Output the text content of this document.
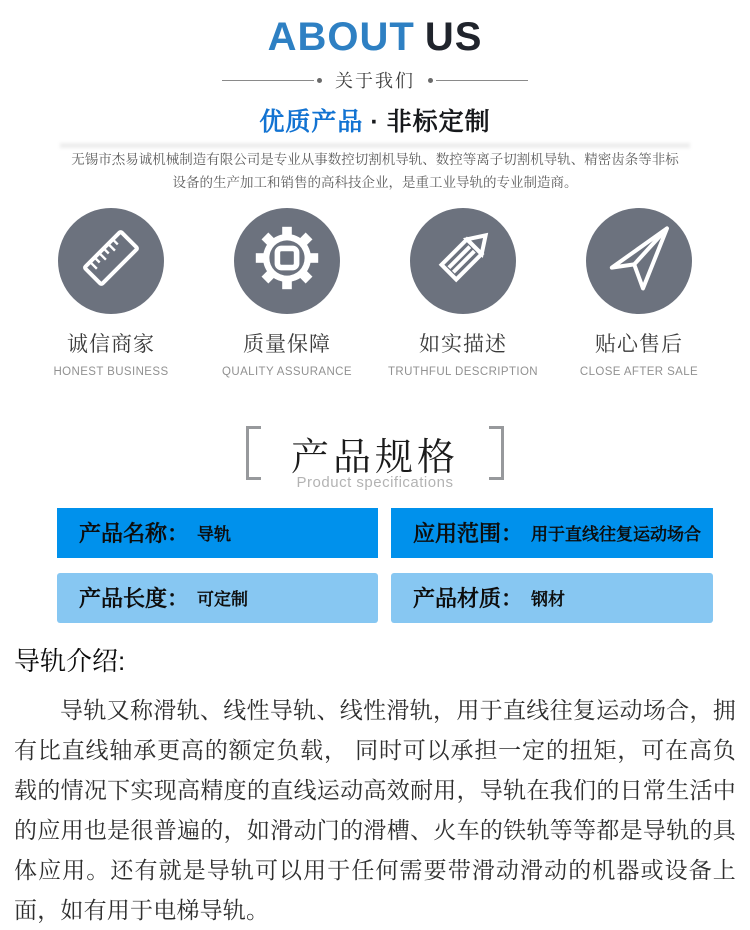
ABOUT US
关于我们
优质产品 · 非标定制
无锡市杰易诚机械制造有限公司是专业从事数控切割机导轨、数控等离子切割机导轨、精密齿条等非标
设备的生产加工和销售的高科技企业，是重工业导轨的专业制造商。
诚信商家
HONEST BUSINESS
质量保障
QUALITY ASSURANCE
如实描述
TRUTHFUL DESCRIPTION
贴心售后
CLOSE AFTER SALE
产品规格
Product specifications
产品名称： 导轨	应用范围： 用于直线往复运动场合
产品长度： 可定制	产品材质： 钢材
导轨介绍:

导轨又称滑轨、线性导轨、线性滑轨，用于直线往复运动场合，拥有比直线轴承更高的额定负载， 同时可以承担一定的扭矩，可在高负载的情况下实现高精度的直线运动高效耐用，导轨在我们的日常生活中的应用也是很普遍的，如滑动门的滑槽、火车的铁轨等等都是导轨的具体应用。还有就是导轨可以用于任何需要带滑动滑动的机器或设备上面，如有用于电梯导轨。
